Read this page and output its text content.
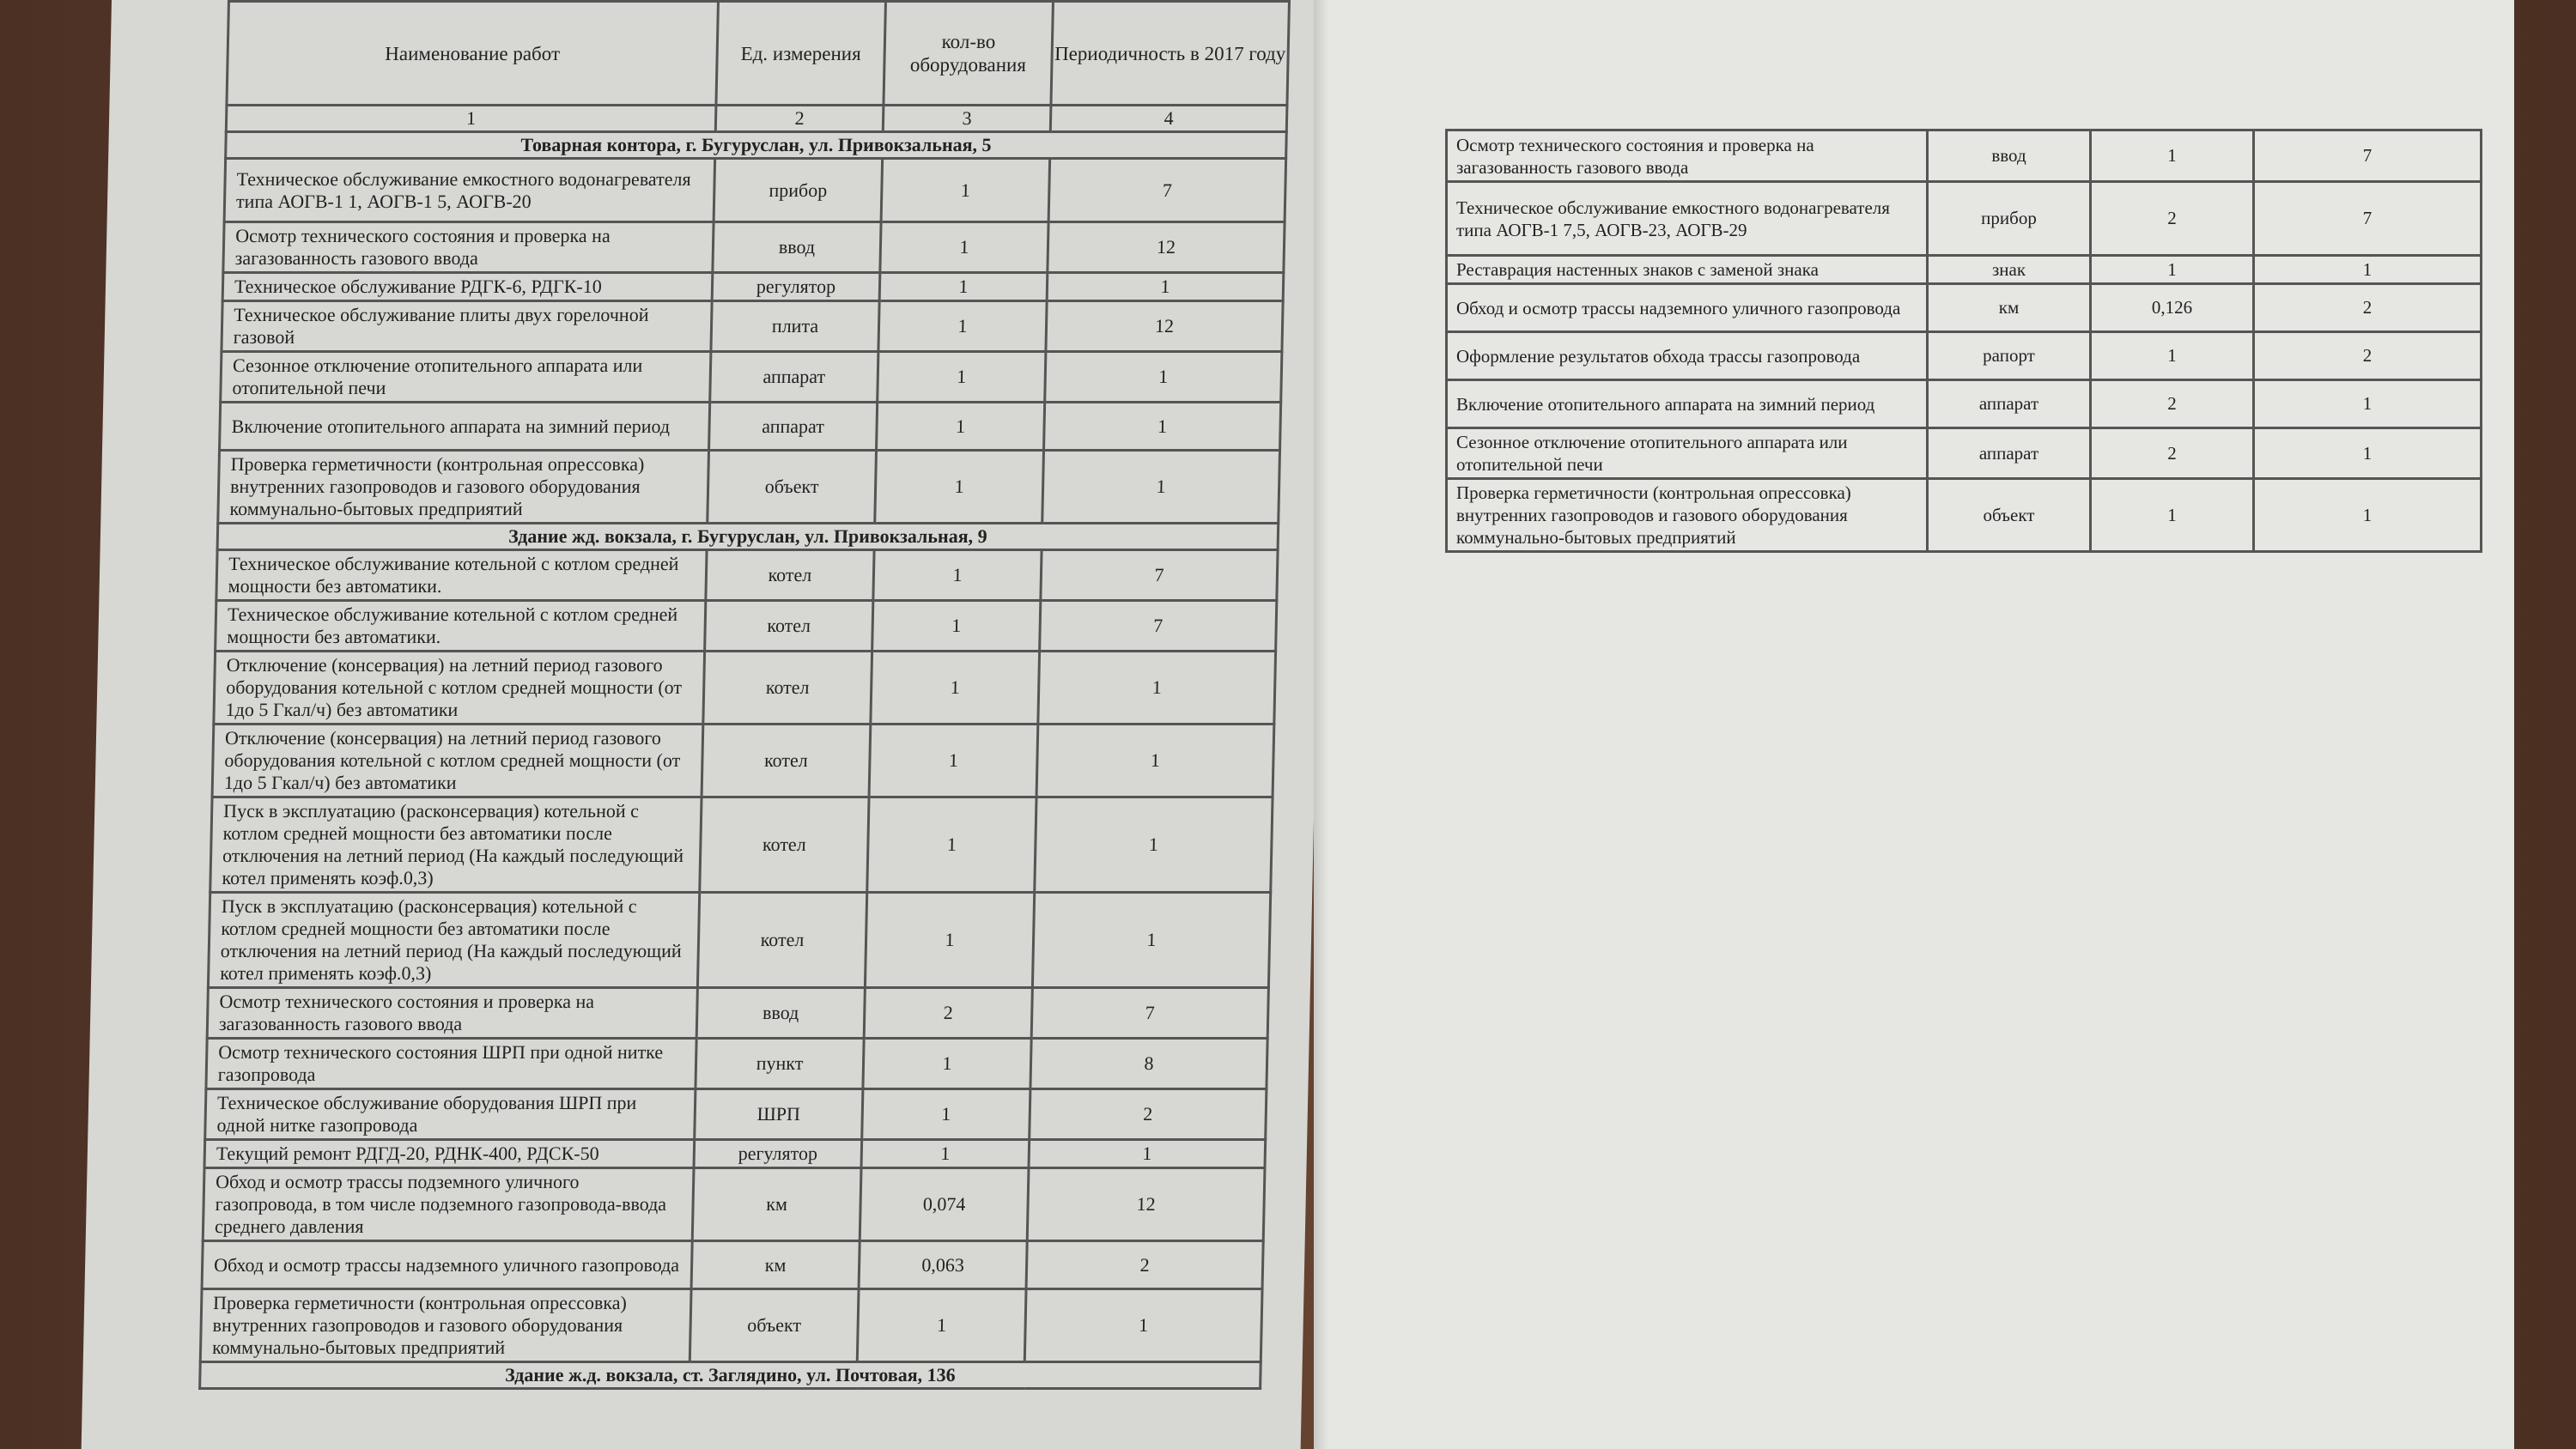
Наименование работ	Ед. измерения	кол-во оборудования	Периодичность в 2017 году
1	2	3	4
Товарная контора, г. Бугуруслан, ул. Привокзальная, 5			
Техническое обслуживание емкостного водонагревателя типа АОГВ-1 1, АОГВ-1 5, АОГВ-20	прибор	1	7
Осмотр технического состояния и проверка на загазованность газового ввода	ввод	1	12
Техническое обслуживание РДГК-6, РДГК-10	регулятор	1	1
Техническое обслуживание плиты двух горелочной газовой	плита	1	12
Сезонное отключение отопительного аппарата или отопительной печи	аппарат	1	1
Включение отопительного аппарата на зимний период	аппарат	1	1
Проверка герметичности (контрольная опрессовка) внутренних газопроводов и газового оборудования коммунально-бытовых предприятий	объект	1	1
Здание жд. вокзала, г. Бугуруслан, ул. Привокзальная, 9			
Техническое обслуживание котельной с котлом средней мощности без автоматики.	котел	1	7
Техническое обслуживание котельной с котлом средней мощности без автоматики.	котел	1	7
Отключение (консервация) на летний период газового оборудования котельной с котлом средней мощности (от 1до 5 Гкал/ч) без автоматики	котел	1	1
Отключение (консервация) на летний период газового оборудования котельной с котлом средней мощности (от 1до 5 Гкал/ч) без автоматики	котел	1	1
Пуск в эксплуатацию (расконсервация) котельной с котлом средней мощности без автоматики после отключения на летний период (На каждый последующий котел применять коэф.0,3)	котел	1	1
Пуск в эксплуатацию (расконсервация) котельной с котлом средней мощности без автоматики после отключения на летний период (На каждый последующий котел применять коэф.0,3)	котел	1	1
Осмотр технического состояния и проверка на загазованность газового ввода	ввод	2	7
Осмотр технического состояния ШРП при одной нитке газопровода	пункт	1	8
Техническое обслуживание оборудования ШРП при одной нитке газопровода	ШРП	1	2
Текущий ремонт РДГД-20, РДНК-400, РДСК-50	регулятор	1	1
Обход и осмотр трассы подземного уличного газопровода, в том числе подземного газопровода-ввода среднего давления	км	0,074	12
Обход и осмотр трассы надземного уличного газопровода	км	0,063	2
Проверка герметичности (контрольная опрессовка) внутренних газопроводов и газового оборудования коммунально-бытовых предприятий	объект	1	1
Здание ж.д. вокзала, ст. Заглядино, ул. Почтовая, 136			
Осмотр технического состояния и проверка на загазованность газового ввода	ввод	1	7
Техническое обслуживание емкостного водонагревателя типа АОГВ-1 7,5, АОГВ-23, АОГВ-29	прибор	2	7
Реставрация настенных знаков с заменой знака	знак	1	1
Обход и осмотр трассы надземного уличного газопровода	км	0,126	2
Оформление результатов обхода трассы газопровода	рапорт	1	2
Включение отопительного аппарата на зимний период	аппарат	2	1
Сезонное отключение отопительного аппарата или отопительной печи	аппарат	2	1
Проверка герметичности (контрольная опрессовка) внутренних газопроводов и газового оборудования коммунально-бытовых предприятий	объект	1	1
